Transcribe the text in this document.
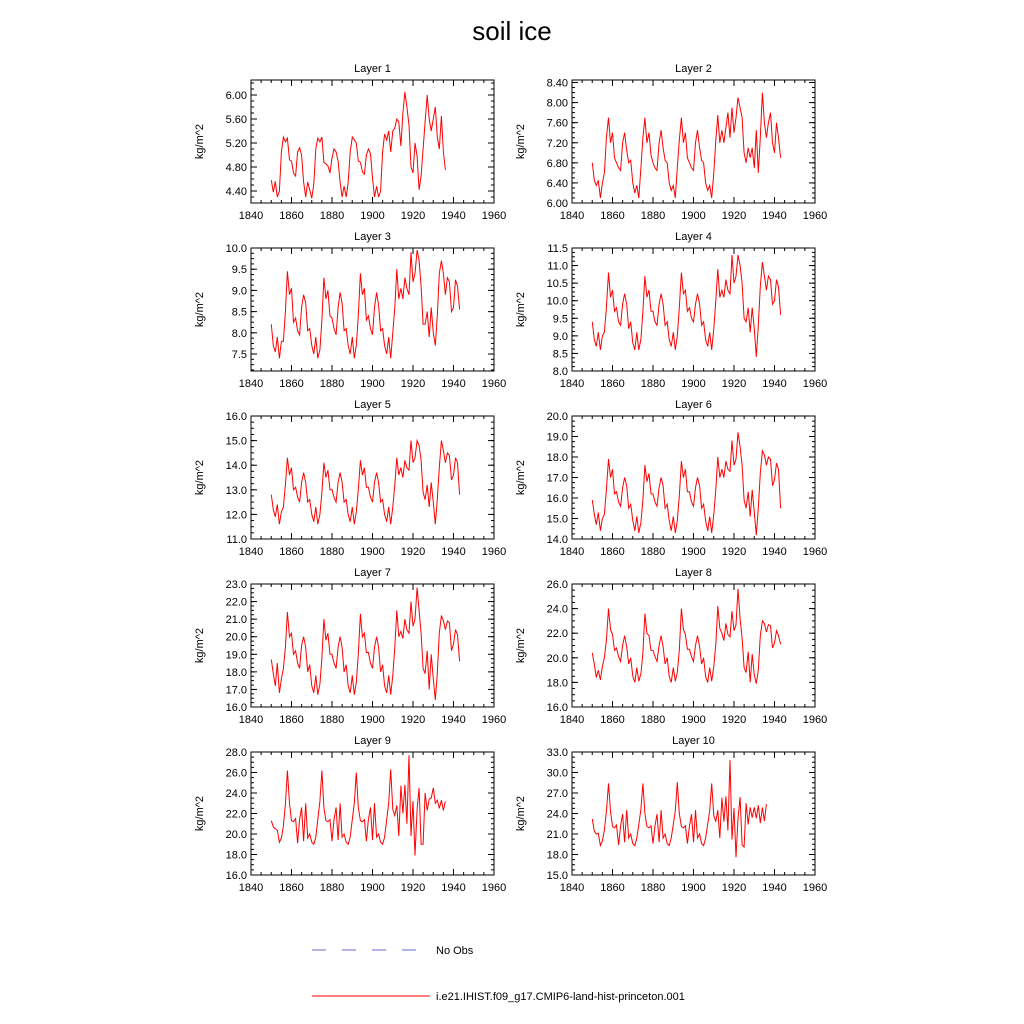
soil ice
Layer 1
1840 1860 1880 1900 1920 1940 1960
4.40
4.80
5.20
5.60
6.00
kg/m^2
Layer 2
1840 1860 1880 1900 1920 1940 1960
6.00
6.40
6.80
7.20
7.60
8.00
8.40
kg/m^2
Layer 3
1840 1860 1880 1900 1920 1940 1960
7.5
8.0
8.5
9.0
9.5
10.0
kg/m^2
Layer 4
1840 1860 1880 1900 1920 1940 1960
8.0
8.5
9.0
9.5
10.0
10.5
11.0
11.5
kg/m^2
Layer 5
1840 1860 1880 1900 1920 1940 1960
11.0
12.0
13.0
14.0
15.0
16.0
kg/m^2
Layer 6
1840 1860 1880 1900 1920 1940 1960
14.0
15.0
16.0
17.0
18.0
19.0
20.0
kg/m^2
Layer 7
1840 1860 1880 1900 1920 1940 1960
16.0
17.0
18.0
19.0
20.0
21.0
22.0
23.0
kg/m^2
Layer 8
1840 1860 1880 1900 1920 1940 1960
16.0
18.0
20.0
22.0
24.0
26.0
kg/m^2
Layer 9
1840 1860 1880 1900 1920 1940 1960
16.0
18.0
20.0
22.0
24.0
26.0
28.0
kg/m^2
Layer 10
1840 1860 1880 1900 1920 1940 1960
15.0
18.0
21.0
24.0
27.0
30.0
33.0
kg/m^2
No Obs
i.e21.IHIST.f09_g17.CMIP6-land-hist-princeton.001
